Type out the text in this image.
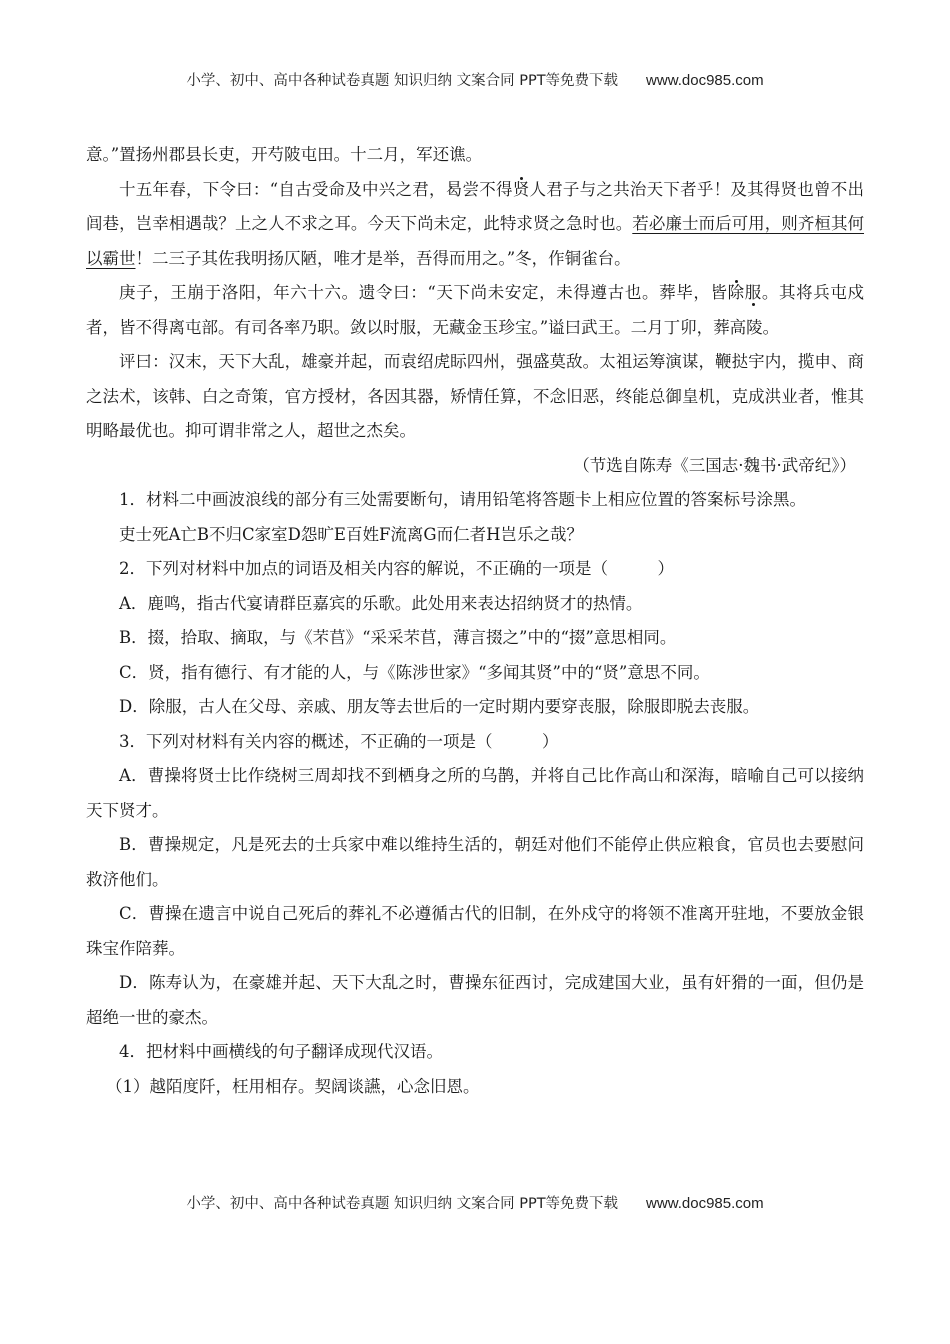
小学、初中、高中各种试卷真题 知识归纳 文案合同 PPT等免费下载 www.doc985.com

意。”置扬州郡县长吏，开芍陂屯田。十二月，军还谯。

十五年春，下令曰：“自古受命及中兴之君，曷尝不得贤人君子与之共治天下者乎！及其得贤也曾不出闾巷，岂幸相遇哉？上之人不求之耳。今天下尚未定，此特求贤之急时也。若必廉士而后可用，则齐桓其何以霸世！二三子其佐我明扬仄陋，唯才是举，吾得而用之。”冬，作铜雀台。

庚子，王崩于洛阳，年六十六。遗令曰：“天下尚未安定，未得遵古也。葬毕，皆除服。其将兵屯戍者，皆不得离屯部。有司各率乃职。敛以时服，无藏金玉珍宝。”谥曰武王。二月丁卯，葬高陵。

评曰：汉末，天下大乱，雄豪并起，而袁绍虎眎四州，强盛莫敌。太祖运筹演谋，鞭挞宇内，揽申、商之法术，该韩、白之奇策，官方授材，各因其器，矫情任算，不念旧恶，终能总御皇机，克成洪业者，惟其明略最优也。抑可谓非常之人，超世之杰矣。

（节选自陈寿《三国志·魏书·武帝纪》）

1．材料二中画波浪线的部分有三处需要断句，请用铅笔将答题卡上相应位置的答案标号涂黑。

吏士死A亡B不归C家室D怨旷E百姓F流离G而仁者H岂乐之哉？

2．下列对材料中加点的词语及相关内容的解说，不正确的一项是（　　　）

A．鹿鸣，指古代宴请群臣嘉宾的乐歌。此处用来表达招纳贤才的热情。

B．掇，拾取、摘取，与《芣苢》“采采芣苢，薄言掇之”中的“掇”意思相同。

C．贤，指有德行、有才能的人，与《陈涉世家》“多闻其贤”中的“贤”意思不同。

D．除服，古人在父母、亲戚、朋友等去世后的一定时期内要穿丧服，除服即脱去丧服。

3．下列对材料有关内容的概述，不正确的一项是（　　　）

A．曹操将贤士比作绕树三周却找不到栖身之所的乌鹊，并将自己比作高山和深海，暗喻自己可以接纳天下贤才。

B．曹操规定，凡是死去的士兵家中难以维持生活的，朝廷对他们不能停止供应粮食，官员也去要慰问救济他们。

C．曹操在遗言中说自己死后的葬礼不必遵循古代的旧制，在外戍守的将领不准离开驻地，不要放金银珠宝作陪葬。

D．陈寿认为，在豪雄并起、天下大乱之时，曹操东征西讨，完成建国大业，虽有奸猾的一面，但仍是超绝一世的豪杰。

4．把材料中画横线的句子翻译成现代汉语。

（1）越陌度阡，枉用相存。契阔谈讌，心念旧恩。

小学、初中、高中各种试卷真题 知识归纳 文案合同 PPT等免费下载 www.doc985.com
